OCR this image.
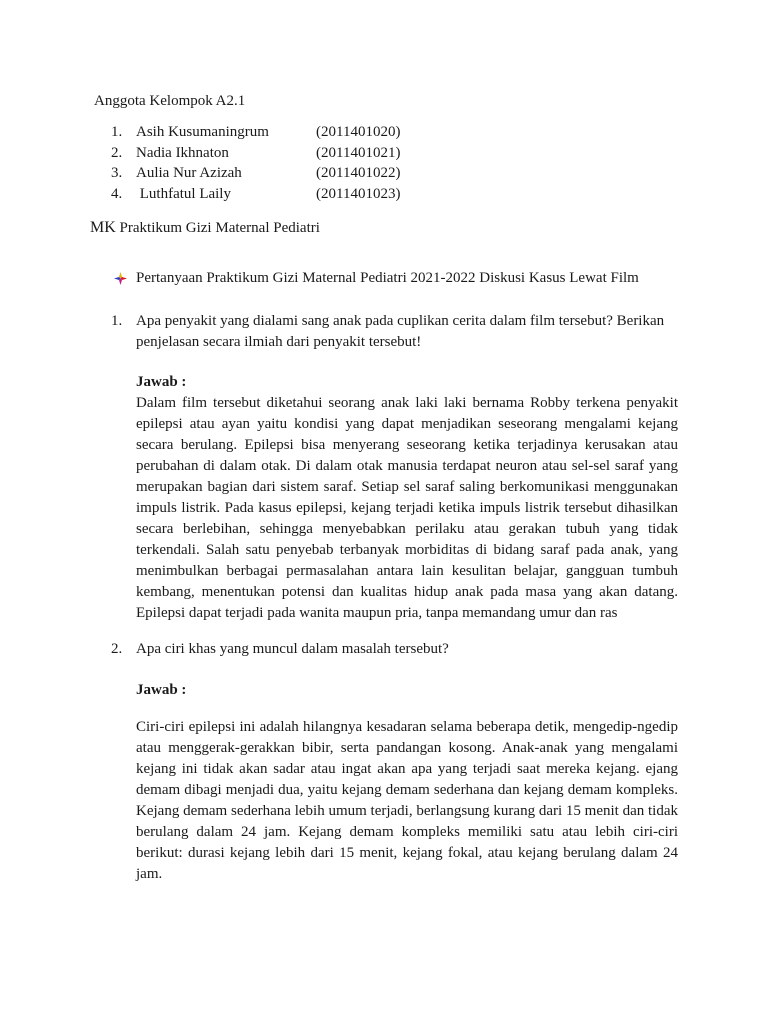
Anggota Kelompok A2.1
1. Asih Kusumaningrum	(2011401020)
2. Nadia Ikhnaton	(2011401021)
3. Aulia Nur Azizah	(2011401022)
4. Luthfatul Laily	(2011401023)
MK Praktikum Gizi Maternal Pediatri
Pertanyaan Praktikum Gizi Maternal Pediatri 2021-2022 Diskusi Kasus Lewat Film
1. Apa penyakit yang dialami sang anak pada cuplikan cerita dalam film tersebut? Berikan penjelasan secara ilmiah dari penyakit tersebut!
Jawab :
Dalam film tersebut diketahui seorang anak laki laki bernama Robby terkena penyakit epilepsi atau ayan yaitu kondisi yang dapat menjadikan seseorang mengalami kejang secara berulang. Epilepsi bisa menyerang seseorang ketika terjadinya kerusakan atau perubahan di dalam otak. Di dalam otak manusia terdapat neuron atau sel-sel saraf yang merupakan bagian dari sistem saraf. Setiap sel saraf saling berkomunikasi menggunakan impuls listrik. Pada kasus epilepsi, kejang terjadi ketika impuls listrik tersebut dihasilkan secara berlebihan, sehingga menyebabkan perilaku atau gerakan tubuh yang tidak terkendali. Salah satu penyebab terbanyak morbiditas di bidang saraf pada anak, yang menimbulkan berbagai permasalahan antara lain kesulitan belajar, gangguan tumbuh kembang, menentukan potensi dan kualitas hidup anak pada masa yang akan datang. Epilepsi dapat terjadi pada wanita maupun pria, tanpa memandang umur dan ras
2. Apa ciri khas yang muncul dalam masalah tersebut?
Jawab :
Ciri-ciri epilepsi ini adalah hilangnya kesadaran selama beberapa detik, mengedip-ngedip atau menggerak-gerakkan bibir, serta pandangan kosong. Anak-anak yang mengalami kejang ini tidak akan sadar atau ingat akan apa yang terjadi saat mereka kejang. ejang demam dibagi menjadi dua, yaitu kejang demam sederhana dan kejang demam kompleks. Kejang demam sederhana lebih umum terjadi, berlangsung kurang dari 15 menit dan tidak berulang dalam 24 jam. Kejang demam kompleks memiliki satu atau lebih ciri-ciri berikut: durasi kejang lebih dari 15 menit, kejang fokal, atau kejang berulang dalam 24 jam.
